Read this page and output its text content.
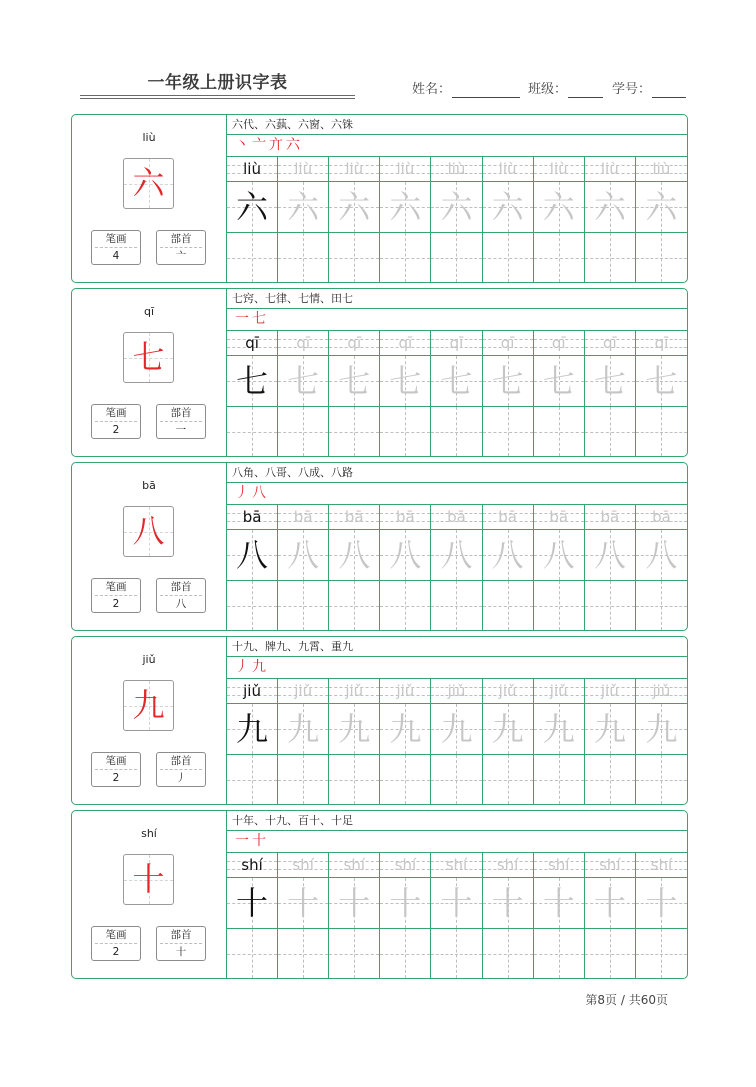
一年级上册识字表	姓名：	班级：	学号：
liù
六
笔画
4
部首
亠
六代、六蓺、六窗、六铢
丶 亠 亣 六
liù	liù	liù	liù	liù	liù	liù	liù	liù
六 六 六 六 六 六 六 六 六
qī
七
笔画
2
部首
一
七窍、七律、七情、田七
一 七
qī	qī	qī	qī	qī	qī	qī	qī	qī
七 七 七 七 七 七 七 七 七
bā
八
笔画
2
部首
八
八角、八哥、八成、八路
丿 八
bā	bā	bā	bā	bā	bā	bā	bā	bā
八 八 八 八 八 八 八 八 八
jiǔ
九
笔画
2
部首
丿
十九、牌九、九霄、重九
丿 九
jiǔ	jiǔ	jiǔ	jiǔ	jiǔ	jiǔ	jiǔ	jiǔ	jiǔ
九 九 九 九 九 九 九 九 九
shí
十
笔画
2
部首
十
十年、十九、百十、十足
一 十
shí	shí	shí	shí	shí	shí	shí	shí	shí
十 十 十 十 十 十 十 十 十
第8页 / 共60页
